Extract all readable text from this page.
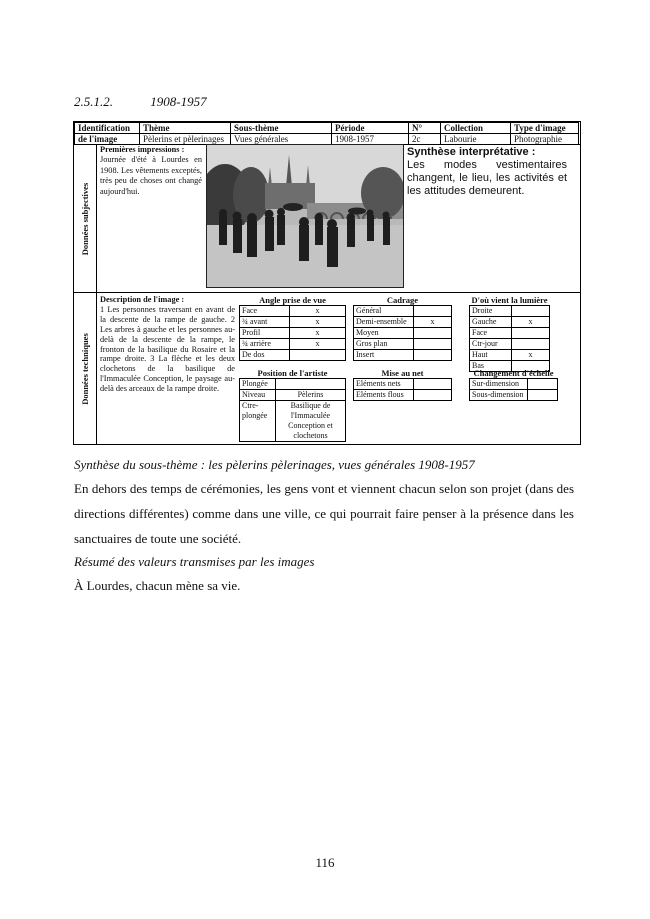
2.5.1.2.	1908-1957
Identification	Thème	Sous-thème	Période	N°	Collection	Type d'image
de l'image	Pèlerins et pèlerinages	Vues générales	1908-1957	2c	Labourie	Photographie
Données subjectives
Premières impressions :
Journée d'été à Lourdes en 1908. Les vêtements exceptés, très peu de choses ont changé aujourd'hui.
Synthèse interprétative :
Les modes vestimentaires changent, le lieu, les activités et les attitudes demeurent.
Données techniques
Description de l'image :
1 Les personnes traversant en avant de la descente de la rampe de gauche. 2 Les arbres à gauche et les personnes au-delà de la descente de la rampe, le fronton de la basilique du Rosaire et la rampe droite. 3 La flèche et les deux clochetons de la basilique de l'Immaculée Conception, le paysage au-delà des arceaux de la rampe droite.
Angle prise de vue	
Face	x
¾ avant	x
Profil	x
¾ arrière	x
De dos	
Position de l'artiste	
Plongée	
Niveau	Pèlerins
Ctre-plongée	Basilique de l'Immaculée Conception et clochetons
Cadrage	
Général	
Demi-ensemble	x
Moyen	
Gros plan	
Insert	
Mise au net	
Eléments nets	
Eléments flous	
D'où vient la lumière	
Droite	
Gauche	x
Face	
Ctr-jour	
Haut	x
Bas	
Changement d'échelle	
Sur-dimension	
Sous-dimension	
Synthèse du sous-thème : les pèlerins pèlerinages, vues générales 1908-1957
En dehors des temps de cérémonies, les gens vont et viennent chacun selon son projet (dans des directions différentes) comme dans une ville, ce qui pourrait faire penser à la présence dans les sanctuaires de toute une société.
Résumé des valeurs transmises par les images
À Lourdes, chacun mène sa vie.
116
